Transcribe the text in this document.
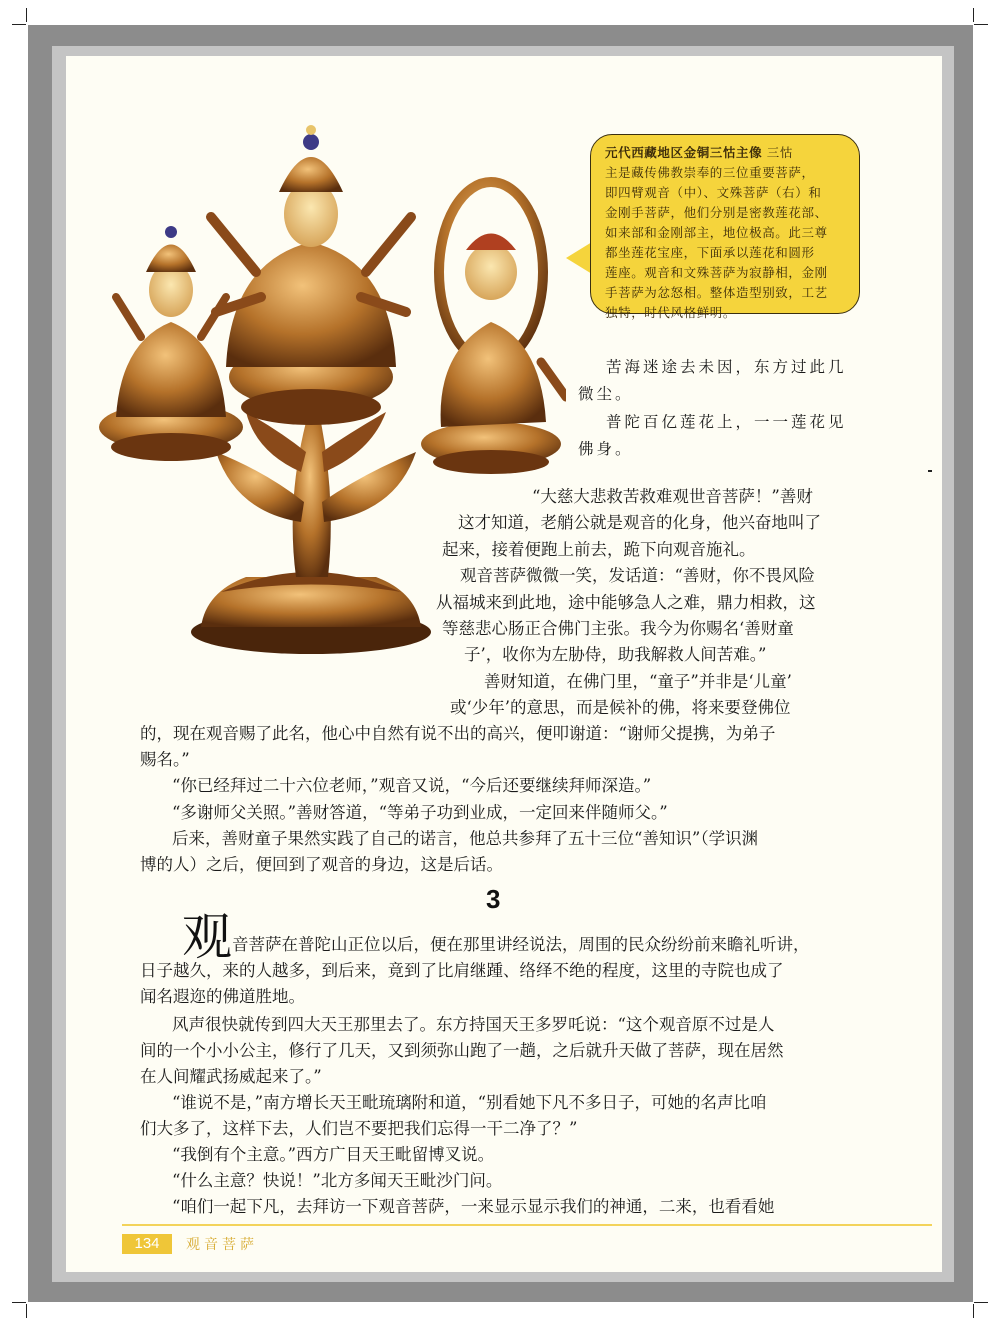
元代西藏地区金铜三怙主像 三怙
主是藏传佛教崇奉的三位重要菩萨，
即四臂观音（中）、文殊菩萨（右）和
金刚手菩萨，他们分别是密教莲花部、
如来部和金刚部主，地位极高。此三尊
都坐莲花宝座，下面承以莲花和圆形
莲座。观音和文殊菩萨为寂静相，金刚
手菩萨为忿怒相。整体造型别致，工艺
独特，时代风格鲜明。
苦海迷途去未因，东方过此几
微尘。
普陀百亿莲花上，一一莲花见
佛身。
“大慈大悲救苦救难观世音菩萨！”善财
这才知道，老艄公就是观音的化身，他兴奋地叫了
起来，接着便跑上前去，跪下向观音施礼。
观音菩萨微微一笑，发话道：“善财，你不畏风险
从福城来到此地，途中能够急人之难，鼎力相救，这
等慈悲心肠正合佛门主张。我今为你赐名‘善财童
子’，收你为左胁侍，助我解救人间苦难。”
善财知道，在佛门里，“童子”并非是‘儿童’
或‘少年’的意思，而是候补的佛，将来要登佛位
的，现在观音赐了此名，他心中自然有说不出的高兴，便叩谢道：“谢师父提携，为弟子
赐名。”
“你已经拜过二十六位老师，”观音又说，“今后还要继续拜师深造。”
“多谢师父关照。”善财答道，“等弟子功到业成，一定回来伴随师父。”
后来，善财童子果然实践了自己的诺言，他总共参拜了五十三位“善知识”（学识渊
博的人）之后，便回到了观音的身边，这是后话。
3
观 音菩萨在普陀山正位以后，便在那里讲经说法，周围的民众纷纷前来瞻礼听讲，
日子越久，来的人越多，到后来，竟到了比肩继踵、络绎不绝的程度，这里的寺院也成了
闻名遐迩的佛道胜地。
风声很快就传到四大天王那里去了。东方持国天王多罗吒说：“这个观音原不过是人
间的一个小小公主，修行了几天，又到须弥山跑了一趟，之后就升天做了菩萨，现在居然
在人间耀武扬威起来了。”
“谁说不是，”南方增长天王毗琉璃附和道，“别看她下凡不多日子，可她的名声比咱
们大多了，这样下去，人们岂不要把我们忘得一干二净了？”
“我倒有个主意。”西方广目天王毗留博叉说。
“什么主意？快说！”北方多闻天王毗沙门问。
“咱们一起下凡，去拜访一下观音菩萨，一来显示显示我们的神通，二来，也看看她
134	观音菩萨
